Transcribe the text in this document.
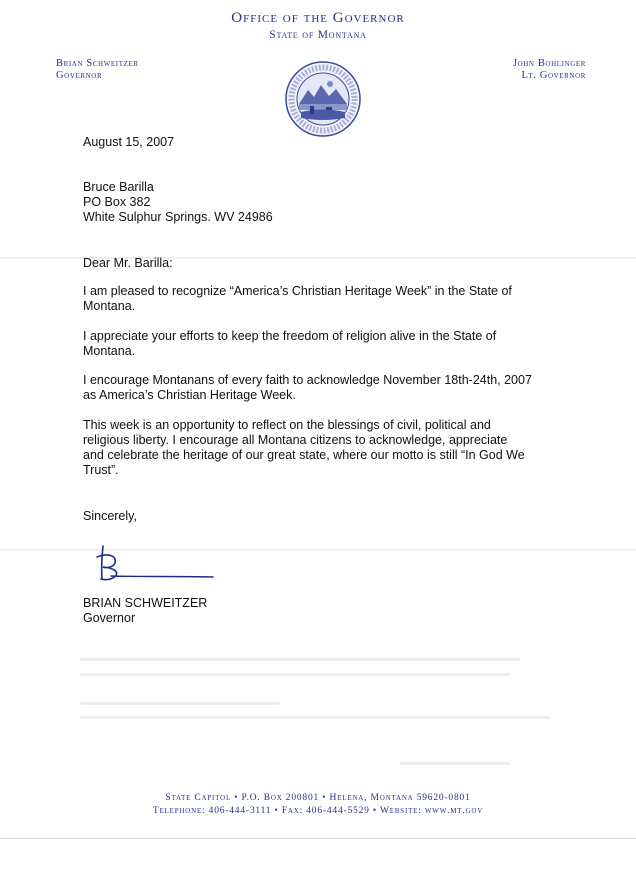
Office of the Governor
State of Montana
Brian Schweitzer
Governor
John Bohlinger
Lt. Governor
August 15, 2007
Bruce Barilla
PO Box 382
White Sulphur Springs. WV 24986
Dear Mr. Barilla:
I am pleased to recognize “America’s Christian Heritage Week” in the State of
Montana.
I appreciate your efforts to keep the freedom of religion alive in the State of
Montana.
I encourage Montanans of every faith to acknowledge November 18th-24th, 2007
as America’s Christian Heritage Week.
This week is an opportunity to reflect on the blessings of civil, political and
religious liberty. I encourage all Montana citizens to acknowledge, appreciate
and celebrate the heritage of our great state, where our motto is still “In God We
Trust”.
Sincerely,
BRIAN SCHWEITZER
Governor
State Capitol • P.O. Box 200801 • Helena, Montana 59620-0801
Telephone: 406-444-3111 • Fax: 406-444-5529 • Website: www.mt.gov
